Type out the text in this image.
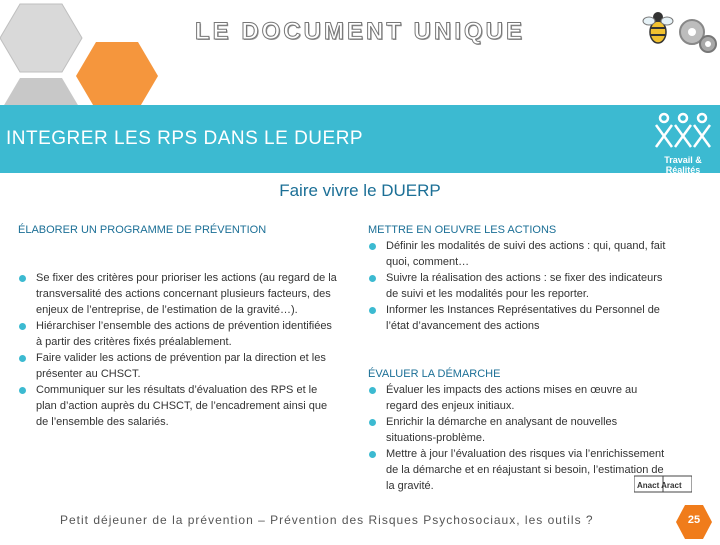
LE DOCUMENT UNIQUE
INTEGRER LES RPS DANS LE DUERP
Travail & Réalités
Faire vivre le DUERP
ÉLABORER UN PROGRAMME DE PRÉVENTION
Se fixer des critères pour prioriser les actions (au regard de la transversalité des actions concernant plusieurs facteurs, des enjeux de l’entreprise, de l’estimation de la gravité…).
Hiérarchiser l’ensemble des actions de prévention identifiées à partir des critères fixés préalablement.
Faire valider les actions de prévention par la direction et les présenter au CHSCT.
Communiquer sur les résultats d’évaluation des RPS et le plan d’action auprès du CHSCT, de l’encadrement ainsi que de l’ensemble des salariés.
METTRE EN OEUVRE LES ACTIONS
Définir les modalités de suivi des actions : qui, quand, fait quoi, comment…
Suivre la réalisation des actions : se fixer des indicateurs de suivi et les modalités pour les reporter.
Informer les Instances Représentatives du Personnel de l’état d’avancement des actions
ÉVALUER LA DÉMARCHE
Évaluer les impacts des actions mises en œuvre au regard des enjeux initiaux.
Enrichir la démarche en analysant de nouvelles situations-problème.
Mettre à jour l’évaluation des risques via l’enrichissement de la démarche et en réajustant si besoin, l’estimation de la gravité.	Anact Aract
Petit déjeuner de la prévention – Prévention des Risques Psychosociaux, les outils ?	25
